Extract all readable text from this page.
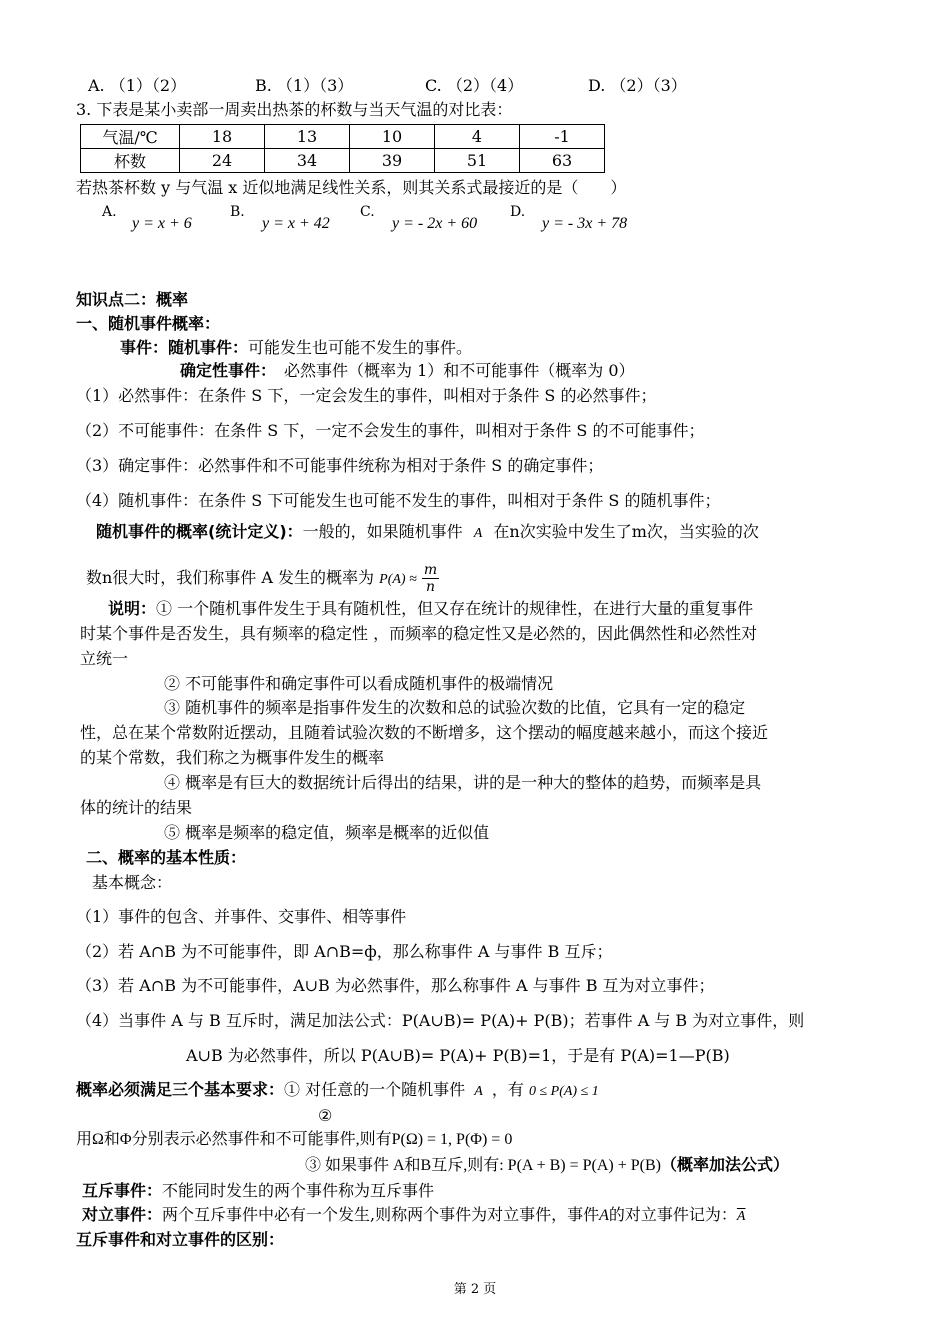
A. （1）（2）	B. （1）（3）	C. （2）（4）	D. （2）（3）
3. 下表是某小卖部一周卖出热茶的杯数与当天气温的对比表：
气温/℃	18	13	10	4	-1
杯数	24	34	39	51	63
若热茶杯数 y 与气温 x 近似地满足线性关系，则其关系式最接近的是（　　）
A.
y = x + 6
B.
y = x + 42
C.
y = - 2x + 60
D.
y = - 3x + 78
知识点二：概率
一、随机事件概率：
事件：随机事件：可能发生也可能不发生的事件。
确定性事件：　必然事件（概率为 1）和不可能事件（概率为 0）
（1）必然事件：在条件 S 下，一定会发生的事件，叫相对于条件 S 的必然事件；
（2）不可能事件：在条件 S 下，一定不会发生的事件，叫相对于条件 S 的不可能事件；
（3）确定事件：必然事件和不可能事件统称为相对于条件 S 的确定事件；
（4）随机事件：在条件 S 下可能发生也可能不发生的事件，叫相对于条件 S 的随机事件；
随机事件的概率(统计定义)：一般的，如果随机事件 A 在n次实验中发生了m次，当实验的次
数n很大时，我们称事件 A 发生的概率为 $P(A) \approx \frac{m}{n}$
说明：① 一个随机事件发生于具有随机性，但又存在统计的规律性，在进行大量的重复事件
时某个事件是否发生，具有频率的稳定性 ，而频率的稳定性又是必然的，因此偶然性和必然性对
立统一
② 不可能事件和确定事件可以看成随机事件的极端情况
③ 随机事件的频率是指事件发生的次数和总的试验次数的比值，它具有一定的稳定
性，总在某个常数附近摆动，且随着试验次数的不断增多，这个摆动的幅度越来越小，而这个接近
的某个常数，我们称之为概事件发生的概率
④ 概率是有巨大的数据统计后得出的结果，讲的是一种大的整体的趋势，而频率是具
体的统计的结果
⑤ 概率是频率的稳定值，频率是概率的近似值
二、概率的基本性质：
基本概念：
（1）事件的包含、并事件、交事件、相等事件
（2）若 A∩B 为不可能事件，即 A∩B=ф，那么称事件 A 与事件 B 互斥；
（3）若 A∩B 为不可能事件，A∪B 为必然事件，那么称事件 A 与事件 B 互为对立事件；
（4）当事件 A 与 B 互斥时，满足加法公式：P(A∪B)= P(A)+ P(B)；若事件 A 与 B 为对立事件，则
A∪B 为必然事件，所以 P(A∪B)= P(A)+ P(B)=1，于是有 P(A)=1—P(B)
概率必须满足三个基本要求：① 对任意的一个随机事件 A ，有 0 ≤ P(A) ≤ 1
②
用Ω和Φ分别表示必然事件和不可能事件,则有P(Ω) = 1, P(Φ) = 0
③ 如果事件 A和B互斥,则有: P(A + B) = P(A) + P(B)（概率加法公式）
互斥事件：不能同时发生的两个事件称为互斥事件
对立事件：两个互斥事件中必有一个发生,则称两个事件为对立事件，事件A的对立事件记为：$\overline{A}$
互斥事件和对立事件的区别：
第 2 页
